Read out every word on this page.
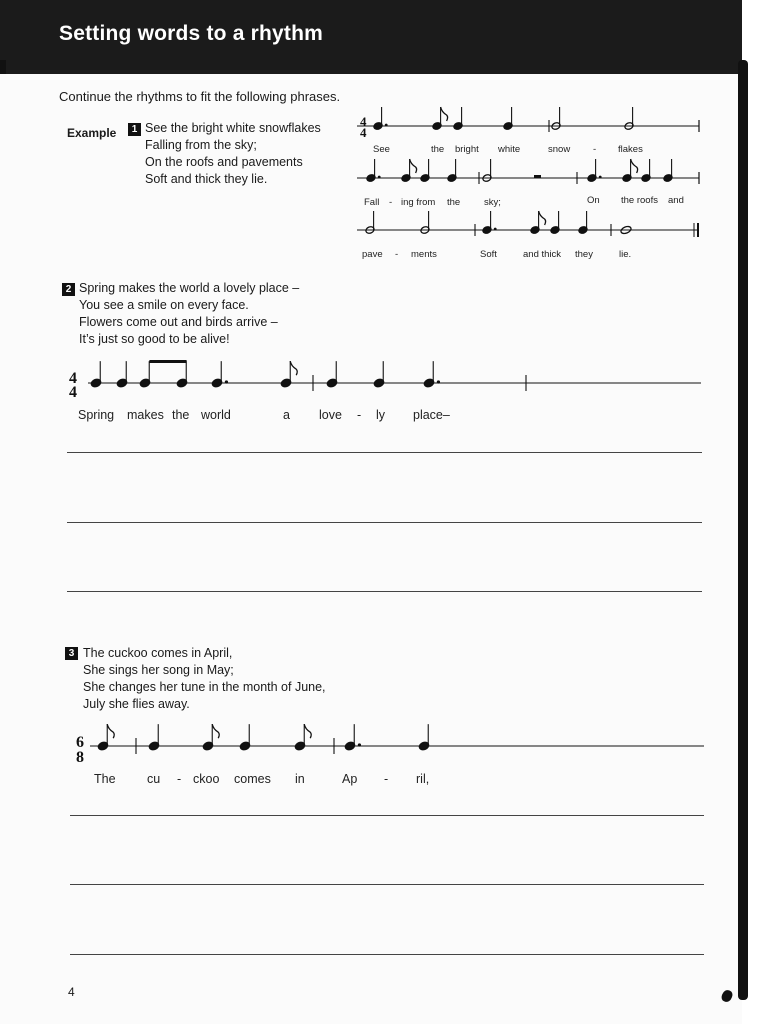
Setting words to a rhythm
Continue the rhythms to fit the following phrases.
Example	1 See the bright white snowflakes
Falling from the sky;
On the roofs and pavements
Soft and thick they lie.
See	the bright white	snow - flakes
Fall - ing from the	sky;	On the roofs and
pave - ments	Soft	and thick they	lie.
2 Spring makes the world a lovely place –
You see a smile on every face.
Flowers come out and birds arrive –
It’s just so good to be alive!
Spring makes the world	a love - ly place–
3 The cuckoo comes in April,
She sings her song in May;
She changes her tune in the month of June,
July she flies away.
The	cu - ckoo comes in	Ap - ril,
4
4
4
4
4
6
8
